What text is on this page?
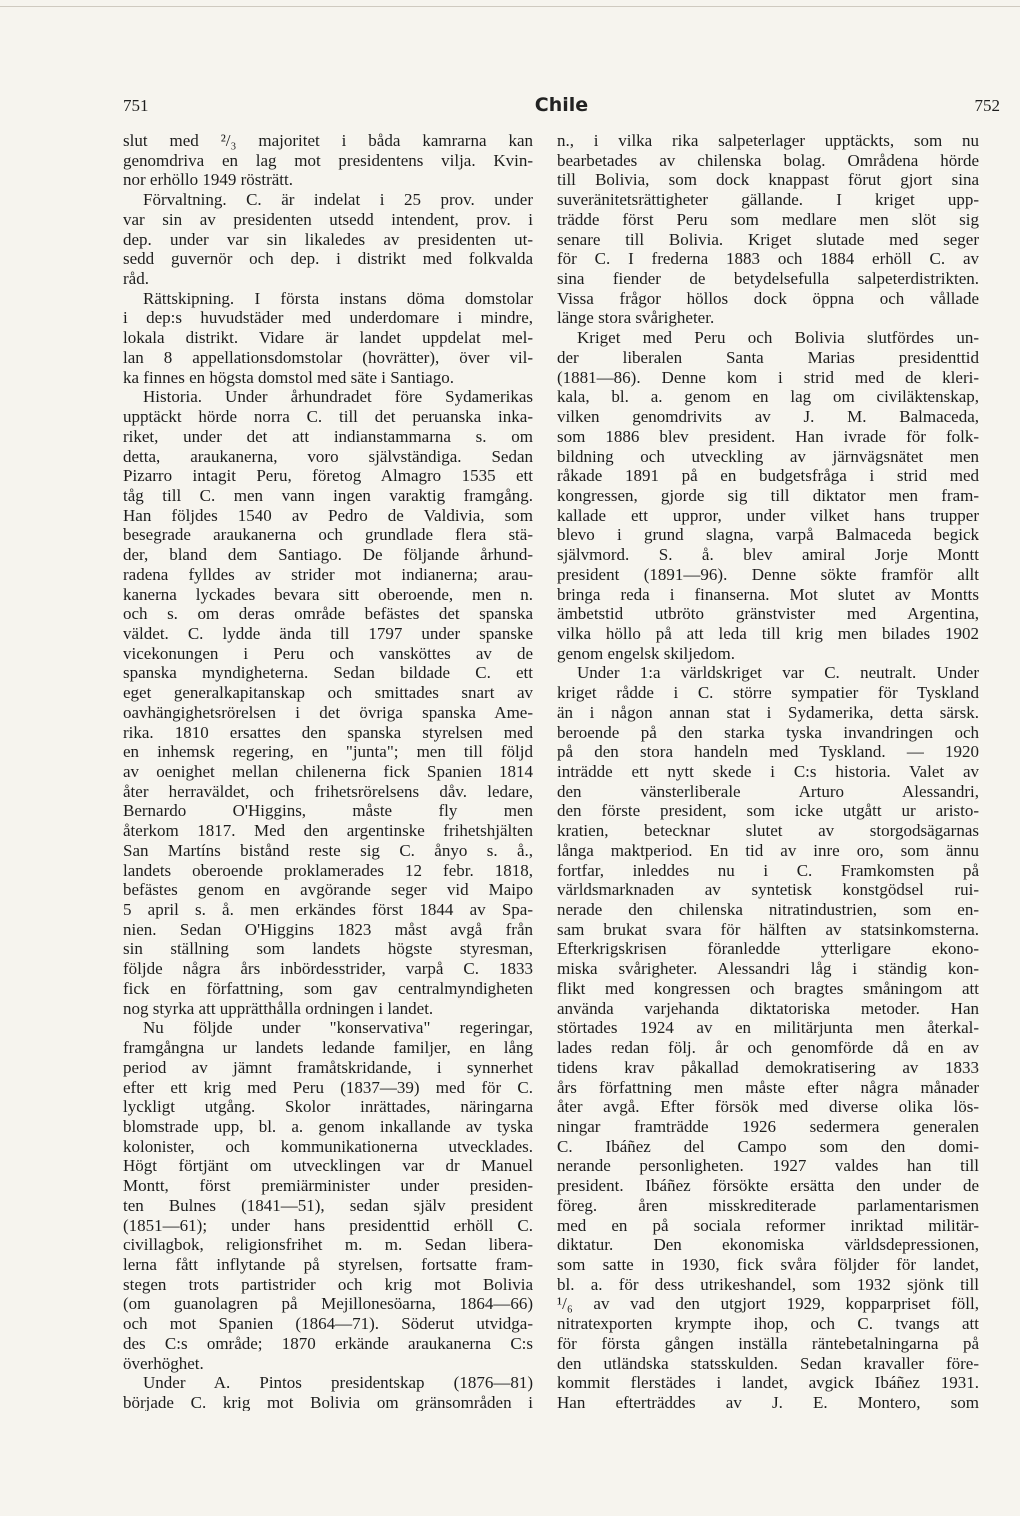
751	Chile	752
slut med ²/₃ majoritet i båda kamrarna kan
genomdriva en lag mot presidentens vilja. Kvin-
nor erhöllo 1949 rösträtt.
Förvaltning. C. är indelat i 25 prov. under
var sin av presidenten utsedd intendent, prov. i
dep. under var sin likaledes av presidenten ut-
sedd guvernör och dep. i distrikt med folkvalda
råd.
Rättskipning. I första instans döma domstolar
i dep:s huvudstäder med underdomare i mindre,
lokala distrikt. Vidare är landet uppdelat mel-
lan 8 appellationsdomstolar (hovrätter), över vil-
ka finnes en högsta domstol med säte i Santiago.
Historia. Under århundradet före Sydamerikas
upptäckt hörde norra C. till det peruanska inka-
riket, under det att indianstammarna s. om
detta, araukanerna, voro självständiga. Sedan
Pizarro intagit Peru, företog Almagro 1535 ett
tåg till C. men vann ingen varaktig framgång.
Han följdes 1540 av Pedro de Valdivia, som
besegrade araukanerna och grundlade flera stä-
der, bland dem Santiago. De följande århund-
radena fylldes av strider mot indianerna; arau-
kanerna lyckades bevara sitt oberoende, men n.
och s. om deras område befästes det spanska
väldet. C. lydde ända till 1797 under spanske
vicekonungen i Peru och vansköttes av de
spanska myndigheterna. Sedan bildade C. ett
eget generalkapitanskap och smittades snart av
oavhängighetsrörelsen i det övriga spanska Ame-
rika. 1810 ersattes den spanska styrelsen med
en inhemsk regering, en "junta"; men till följd
av oenighet mellan chilenerna fick Spanien 1814
åter herraväldet, och frihetsrörelsens dåv. ledare,
Bernardo O'Higgins, måste fly men
återkom 1817. Med den argentinske frihetshjälten
San Martíns bistånd reste sig C. ånyo s. å.,
landets oberoende proklamerades 12 febr. 1818,
befästes genom en avgörande seger vid Maipo
5 april s. å. men erkändes först 1844 av Spa-
nien. Sedan O'Higgins 1823 måst avgå från
sin ställning som landets högste styresman,
följde några års inbördesstrider, varpå C. 1833
fick en författning, som gav centralmyndigheten
nog styrka att upprätthålla ordningen i landet.
Nu följde under "konservativa" regeringar,
framgångna ur landets ledande familjer, en lång
period av jämnt framåtskridande, i synnerhet
efter ett krig med Peru (1837—39) med för C.
lyckligt utgång. Skolor inrättades, näringarna
blomstrade upp, bl. a. genom inkallande av tyska
kolonister, och kommunikationerna utvecklades.
Högt förtjänt om utvecklingen var dr Manuel
Montt, först premiärminister under presiden-
ten Bulnes (1841—51), sedan själv president
(1851—61); under hans presidenttid erhöll C.
civillagbok, religionsfrihet m. m. Sedan libera-
lerna fått inflytande på styrelsen, fortsatte fram-
stegen trots partistrider och krig mot Bolivia
(om guanolagren på Mejillonesöarna, 1864—66)
och mot Spanien (1864—71). Söderut utvidga-
des C:s område; 1870 erkände araukanerna C:s
överhöghet.
Under A. Pintos presidentskap (1876—81)
började C. krig mot Bolivia om gränsområden i
n., i vilka rika salpeterlager upptäckts, som nu
bearbetades av chilenska bolag. Områdena hörde
till Bolivia, som dock knappast förut gjort sina
suveränitetsrättigheter gällande. I kriget upp-
trädde först Peru som medlare men slöt sig
senare till Bolivia. Kriget slutade med seger
för C. I frederna 1883 och 1884 erhöll C. av
sina fiender de betydelsefulla salpeterdistrikten.
Vissa frågor höllos dock öppna och vållade
länge stora svårigheter.
Kriget med Peru och Bolivia slutfördes un-
der liberalen Santa Marias presidenttid
(1881—86). Denne kom i strid med de kleri-
kala, bl. a. genom en lag om civiläktenskap,
vilken genomdrivits av J. M. Balmaceda,
som 1886 blev president. Han ivrade för folk-
bildning och utveckling av järnvägsnätet men
råkade 1891 på en budgetsfråga i strid med
kongressen, gjorde sig till diktator men fram-
kallade ett uppror, under vilket hans trupper
blevo i grund slagna, varpå Balmaceda begick
självmord. S. å. blev amiral Jorje Montt
president (1891—96). Denne sökte framför allt
bringa reda i finanserna. Mot slutet av Montts
ämbetstid utbröto gränstvister med Argentina,
vilka höllo på att leda till krig men bilades 1902
genom engelsk skiljedom.
Under 1:a världskriget var C. neutralt. Under
kriget rådde i C. större sympatier för Tyskland
än i någon annan stat i Sydamerika, detta särsk.
beroende på den starka tyska invandringen och
på den stora handeln med Tyskland. — 1920
inträdde ett nytt skede i C:s historia. Valet av
den vänsterliberale Arturo Alessandri,
den förste president, som icke utgått ur aristo-
kratien, betecknar slutet av storgodsägarnas
långa maktperiod. En tid av inre oro, som ännu
fortfar, inleddes nu i C. Framkomsten på
världsmarknaden av syntetisk konstgödsel rui-
nerade den chilenska nitratindustrien, som en-
sam brukat svara för hälften av statsinkomsterna.
Efterkrigskrisen föranledde ytterligare ekono-
miska svårigheter. Alessandri låg i ständig kon-
flikt med kongressen och bragtes småningom att
använda varjehanda diktatoriska metoder. Han
störtades 1924 av en militärjunta men återkal-
lades redan följ. år och genomförde då en av
tidens krav påkallad demokratisering av 1833
års författning men måste efter några månader
åter avgå. Efter försök med diverse olika lös-
ningar framträdde 1926 sedermera generalen
C. Ibáñez del Campo som den domi-
nerande personligheten. 1927 valdes han till
president. Ibáñez försökte ersätta den under de
föreg. åren misskrediterade parlamentarismen
med en på sociala reformer inriktad militär-
diktatur. Den ekonomiska världsdepressionen,
som satte in 1930, fick svåra följder för landet,
bl. a. för dess utrikeshandel, som 1932 sjönk till
¹/₆ av vad den utgjort 1929, kopparpriset föll,
nitratexporten krympte ihop, och C. tvangs att
för första gången inställa räntebetalningarna på
den utländska statsskulden. Sedan kravaller före-
kommit flerstädes i landet, avgick Ibáñez 1931.
Han efterträddes av J. E. Montero, som
